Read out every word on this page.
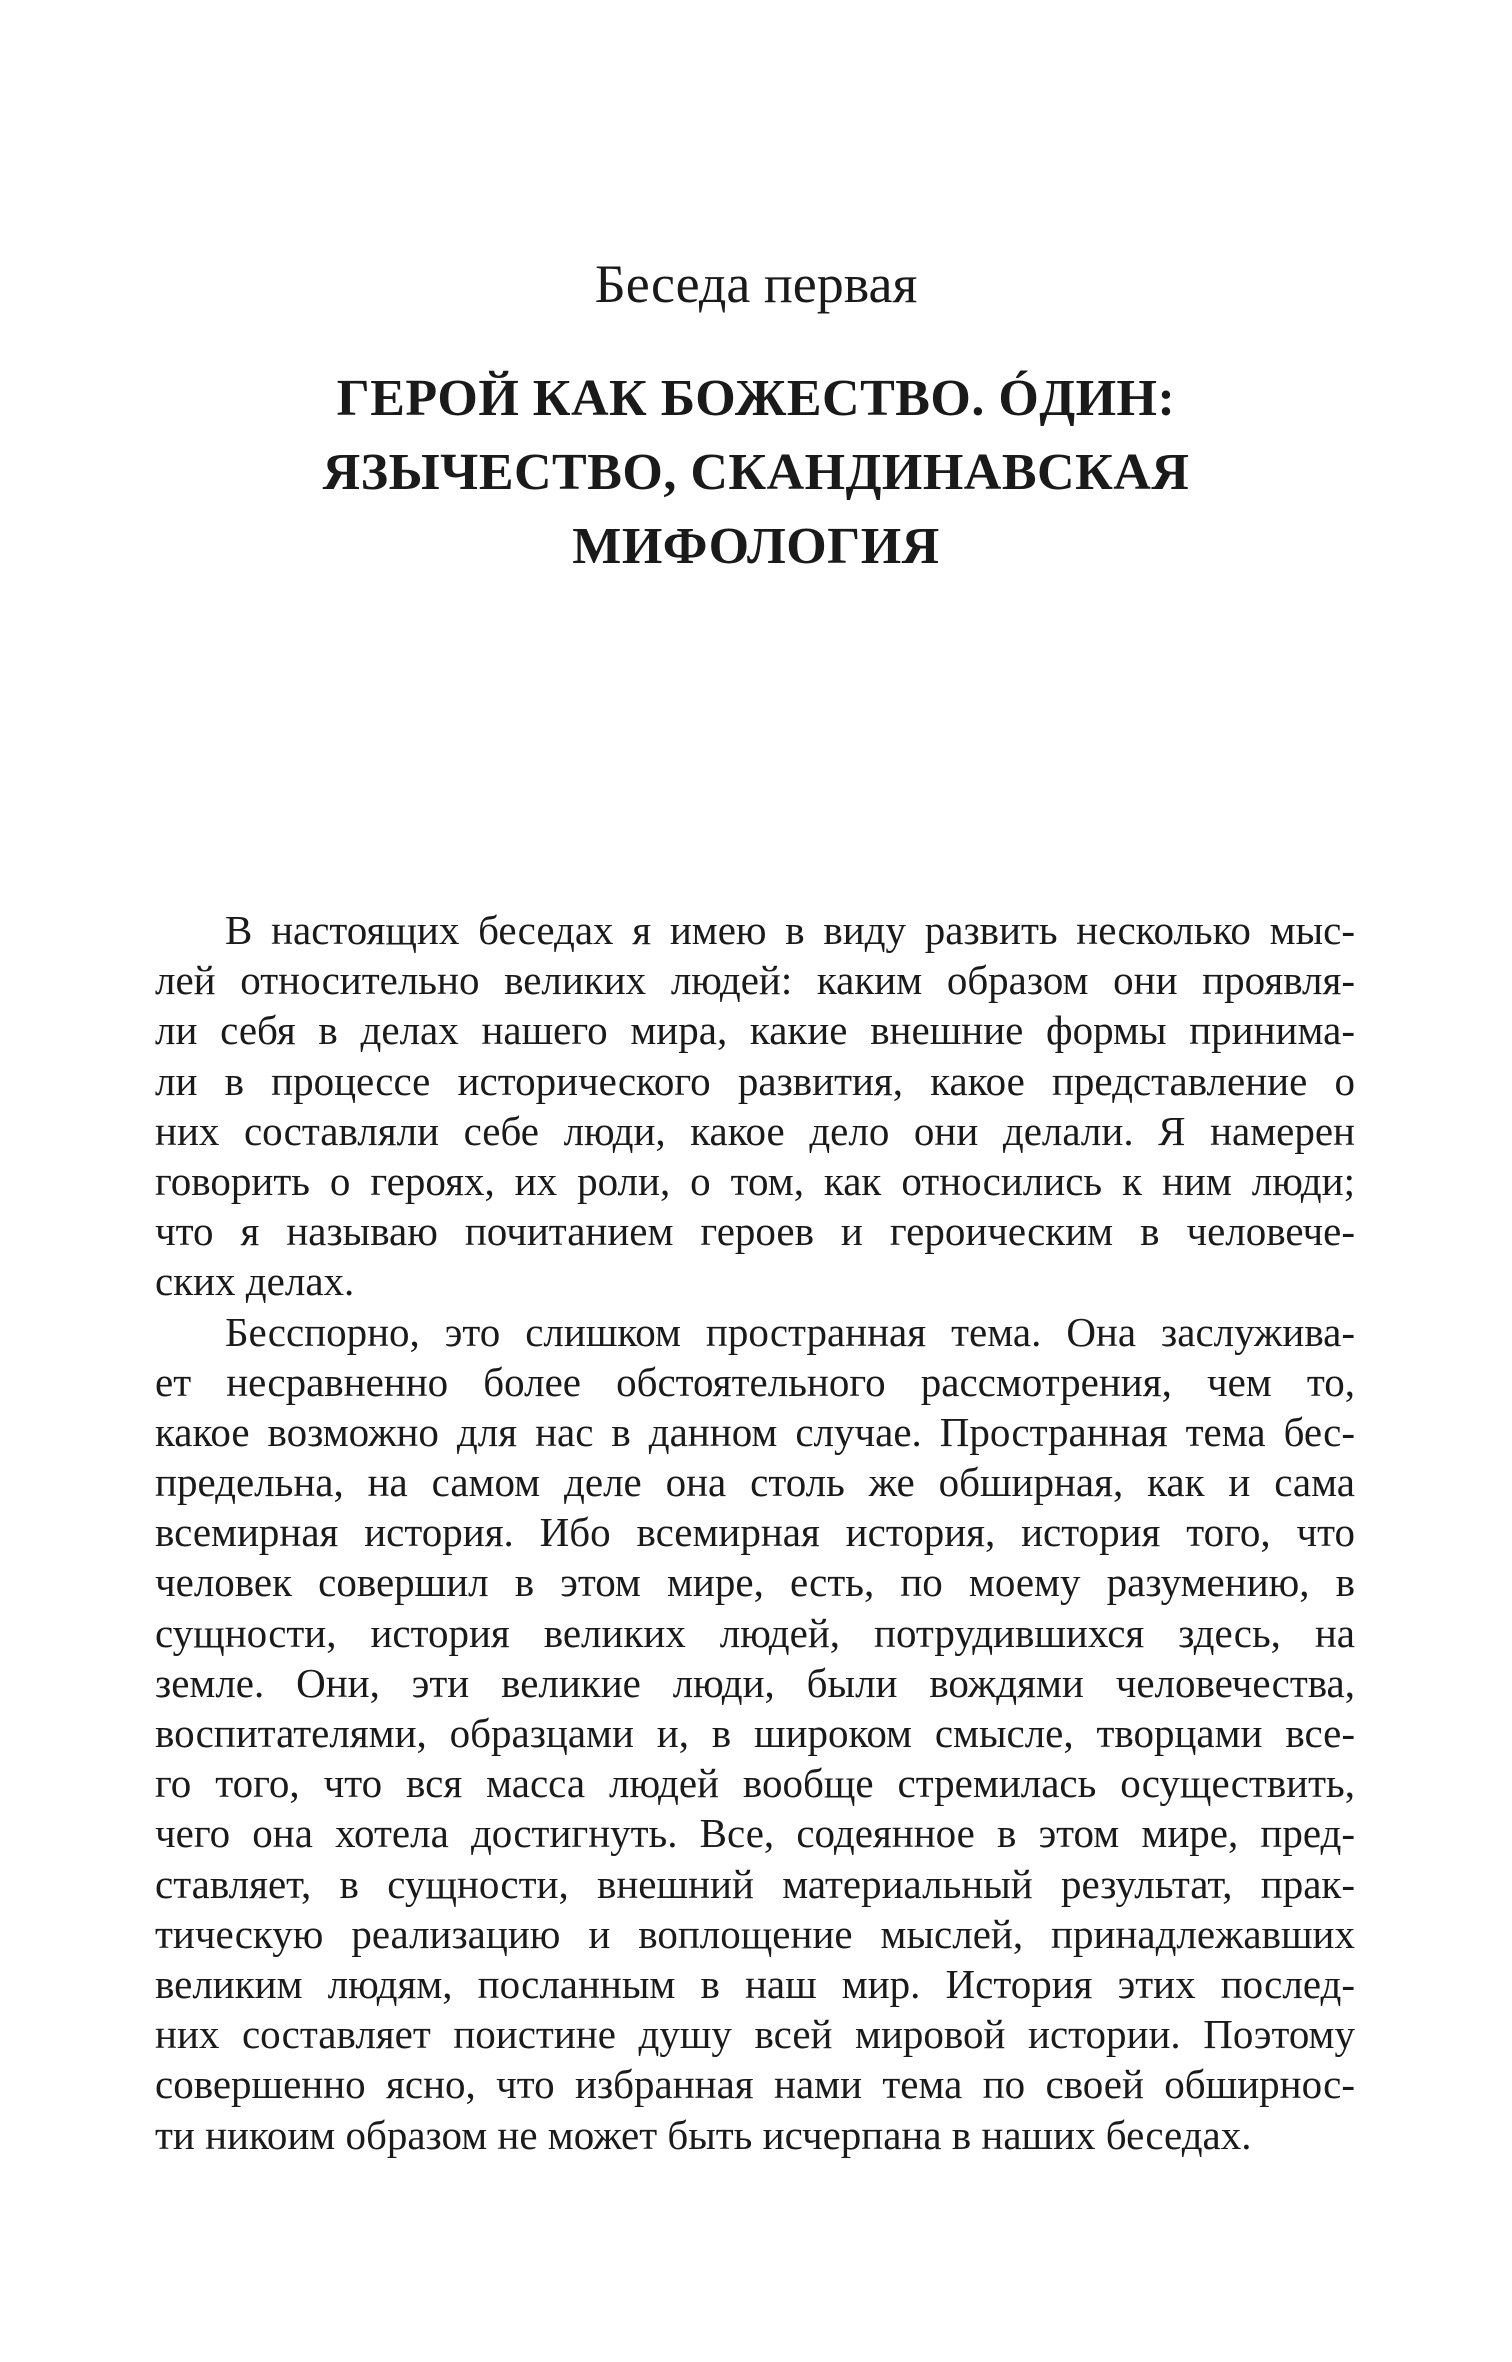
Беседа первая
ГЕРОЙ КАК БОЖЕСТВО. ÓДИН:
ЯЗЫЧЕСТВО, СКАНДИНАВСКАЯ
МИФОЛОГИЯ

В настоящих беседах я имею в виду развить несколько мыс-
лей относительно великих людей: каким образом они проявля-
ли себя в делах нашего мира, какие внешние формы принима-
ли в процессе исторического развития, какое представление о
них составляли себе люди, какое дело они делали. Я намерен
говорить о героях, их роли, о том, как относились к ним люди;
что я называю почитанием героев и героическим в человече-
ских делах.

Бесспорно, это слишком пространная тема. Она заслужива-
ет несравненно более обстоятельного рассмотрения, чем то,
какое возможно для нас в данном случае. Пространная тема бес-
предельна, на самом деле она столь же обширная, как и сама
всемирная история. Ибо всемирная история, история того, что
человек совершил в этом мире, есть, по моему разумению, в
сущности, история великих людей, потрудившихся здесь, на
земле. Они, эти великие люди, были вождями человечества,
воспитателями, образцами и, в широком смысле, творцами все-
го того, что вся масса людей вообще стремилась осуществить,
чего она хотела достигнуть. Все, содеянное в этом мире, пред-
ставляет, в сущности, внешний материальный результат, прак-
тическую реализацию и воплощение мыслей, принадлежавших
великим людям, посланным в наш мир. История этих послед-
них составляет поистине душу всей мировой истории. Поэтому
совершенно ясно, что избранная нами тема по своей обширнос-
ти никоим образом не может быть исчерпана в наших беседах.
